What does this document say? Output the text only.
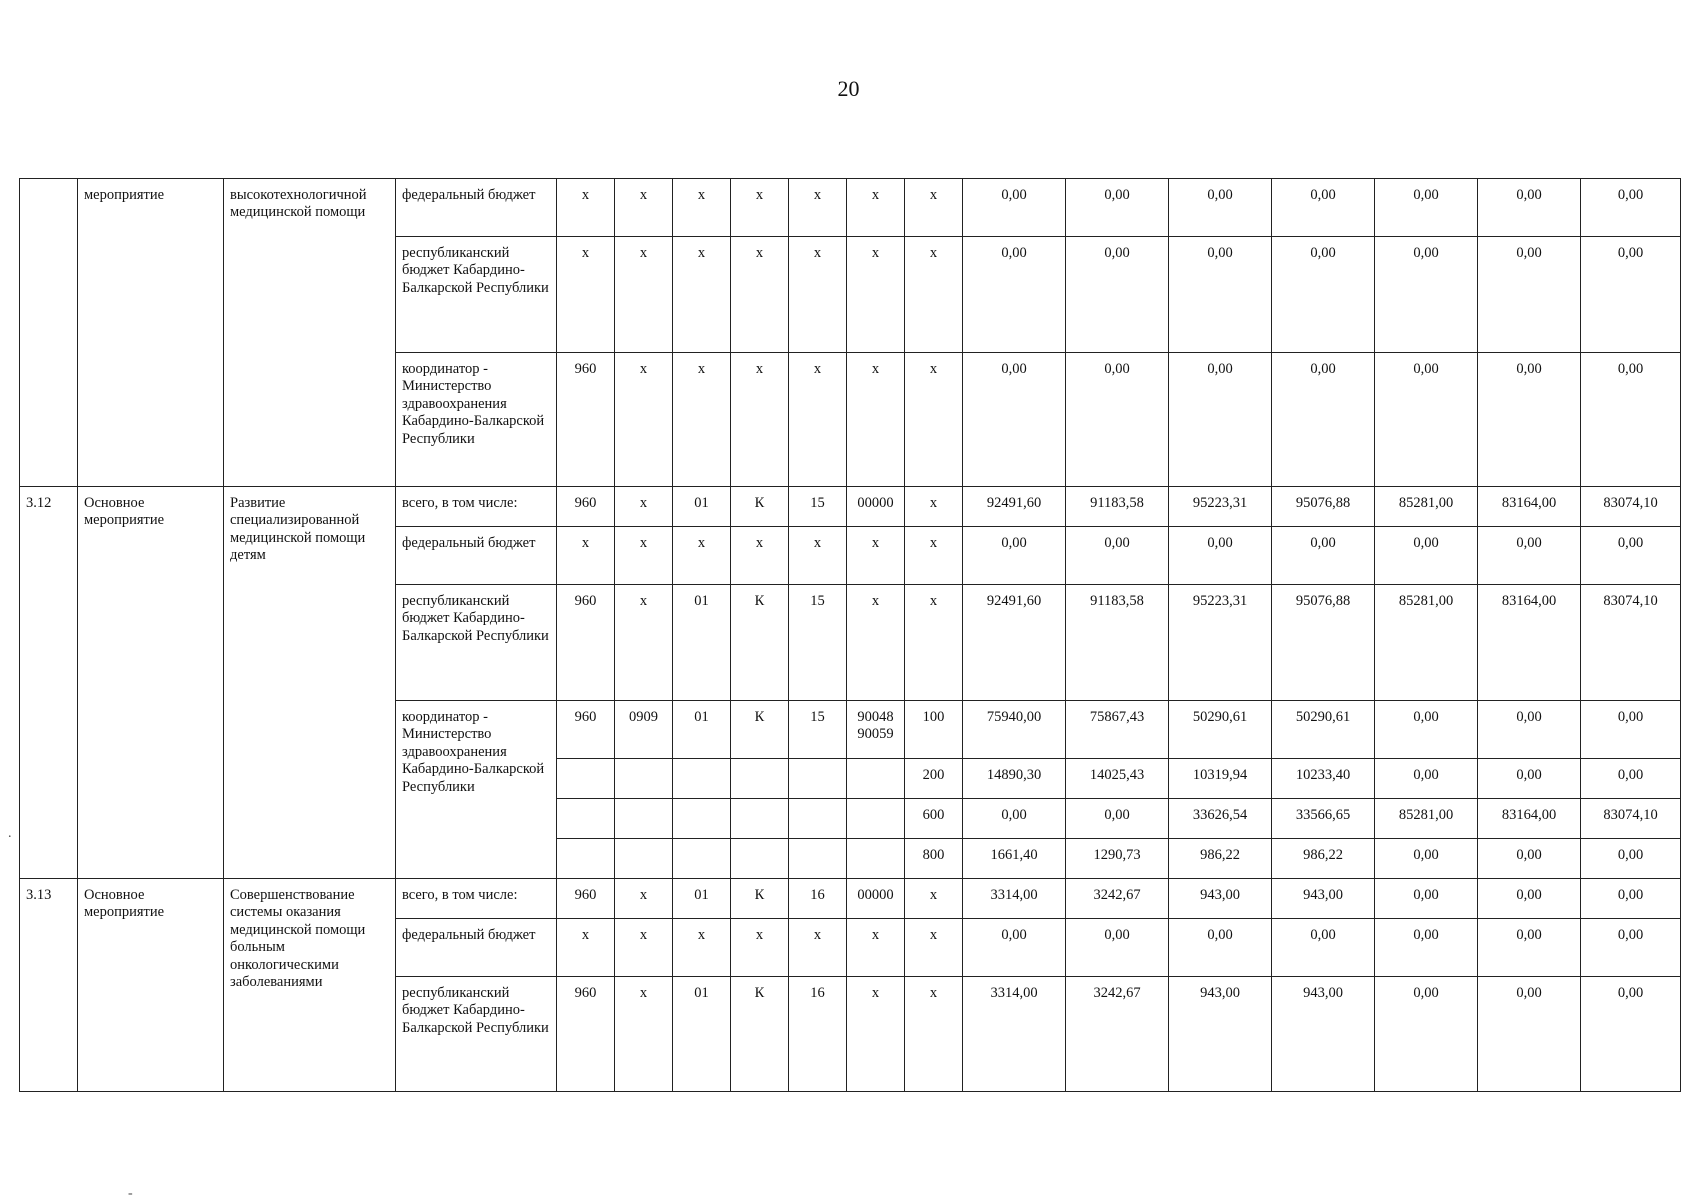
20
.
-
	мероприятие	высокотехнологичной медицинской помощи	федеральный бюджет	x	x	x	x	x	x	x	0,00	0,00	0,00	0,00	0,00	0,00	0,00
			республиканский бюджет Кабардино-Балкарской Республики	x	x	x	x	x	x	x	0,00	0,00	0,00	0,00	0,00	0,00	0,00
			координатор - Министерство здравоохранения Кабардино-Балкарской Республики	960	x	x	x	x	x	x	0,00	0,00	0,00	0,00	0,00	0,00	0,00
3.12	Основное мероприятие	Развитие специализированной медицинской помощи детям	всего, в том числе:	960	x	01	К	15	00000	x	92491,60	91183,58	95223,31	95076,88	85281,00	83164,00	83074,10
			федеральный бюджет	x	x	x	x	x	x	x	0,00	0,00	0,00	0,00	0,00	0,00	0,00
			республиканский бюджет Кабардино-Балкарской Республики	960	x	01	К	15	x	x	92491,60	91183,58	95223,31	95076,88	85281,00	83164,00	83074,10
			координатор - Министерство здравоохранения Кабардино-Балкарской Республики	960	0909	01	К	15	90048 90059	100	75940,00	75867,43	50290,61	50290,61	0,00	0,00	0,00
										200	14890,30	14025,43	10319,94	10233,40	0,00	0,00	0,00
										600	0,00	0,00	33626,54	33566,65	85281,00	83164,00	83074,10
										800	1661,40	1290,73	986,22	986,22	0,00	0,00	0,00
3.13	Основное мероприятие	Совершенствование системы оказания медицинской помощи больным онкологическими заболеваниями	всего, в том числе:	960	x	01	К	16	00000	x	3314,00	3242,67	943,00	943,00	0,00	0,00	0,00
			федеральный бюджет	x	x	x	x	x	x	x	0,00	0,00	0,00	0,00	0,00	0,00	0,00
			республиканский бюджет Кабардино-Балкарской Республики	960	x	01	К	16	x	x	3314,00	3242,67	943,00	943,00	0,00	0,00	0,00
